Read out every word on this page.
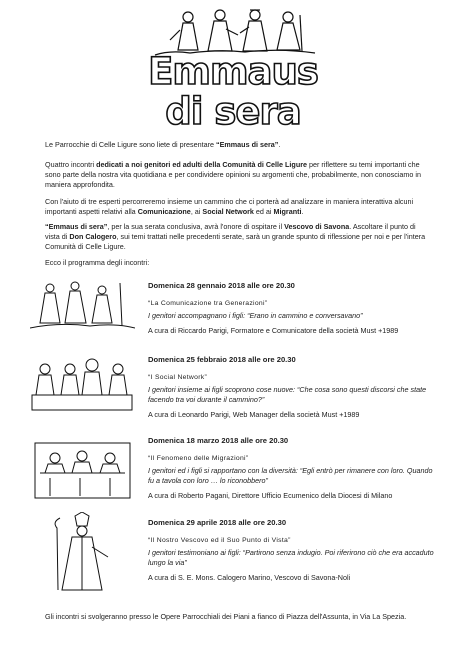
Emmaus di sera
Le Parrocchie di Celle Ligure sono liete di presentare “Emmaus di sera”.
Quattro incontri dedicati a noi genitori ed adulti della Comunità di Celle Ligure per riflettere su temi importanti che sono parte della nostra vita quotidiana e per condividere opinioni su argomenti che, probabilmente, non conosciamo in maniera approfondita.
Con l'aiuto di tre esperti percorreremo insieme un cammino che ci porterà ad analizzare in maniera interattiva alcuni importanti aspetti relativi alla Comunicazione, ai Social Network ed ai Migranti.
“Emmaus di sera”, per la sua serata conclusiva, avrà l'onore di ospitare il Vescovo di Savona. Ascoltare il punto di vista di Don Calogero, sui temi trattati nelle precedenti serate, sarà un grande spunto di riflessione per noi e per l'intera Comunità di Celle Ligure.
Ecco il programma degli incontri:
Domenica 28 gennaio 2018 alle ore 20.30
“La Comunicazione tra Generazioni”
I genitori accompagnano i figli: “Erano in cammino e conversavano”
A cura di Riccardo Parigi, Formatore e Comunicatore della società Must +1989
Domenica 25 febbraio 2018 alle ore 20.30
“I Social Network”
I genitori insieme ai figli scoprono cose nuove: “Che cosa sono questi discorsi che state facendo tra voi durante il cammino?”
A cura di Leonardo Parigi, Web Manager della società Must +1989
Domenica 18 marzo 2018 alle ore 20.30
“Il Fenomeno delle Migrazioni”
I genitori ed i figli si rapportano con la diversità: “Egli entrò per rimanere con loro. Quando fu a tavola con loro … lo riconobbero”
A cura di Roberto Pagani, Direttore Ufficio Ecumenico della Diocesi di Milano
Domenica 29 aprile 2018 alle ore 20.30
“Il Nostro Vescovo ed il Suo Punto di Vista”
I genitori testimoniano ai figli: “Partirono senza indugio. Poi riferirono ciò che era accaduto lungo la via”
A cura di S. E. Mons. Calogero Marino, Vescovo di Savona-Noli
Gli incontri si svolgeranno presso le Opere Parrocchiali dei Piani a fianco di Piazza dell'Assunta, in Via La Spezia.
